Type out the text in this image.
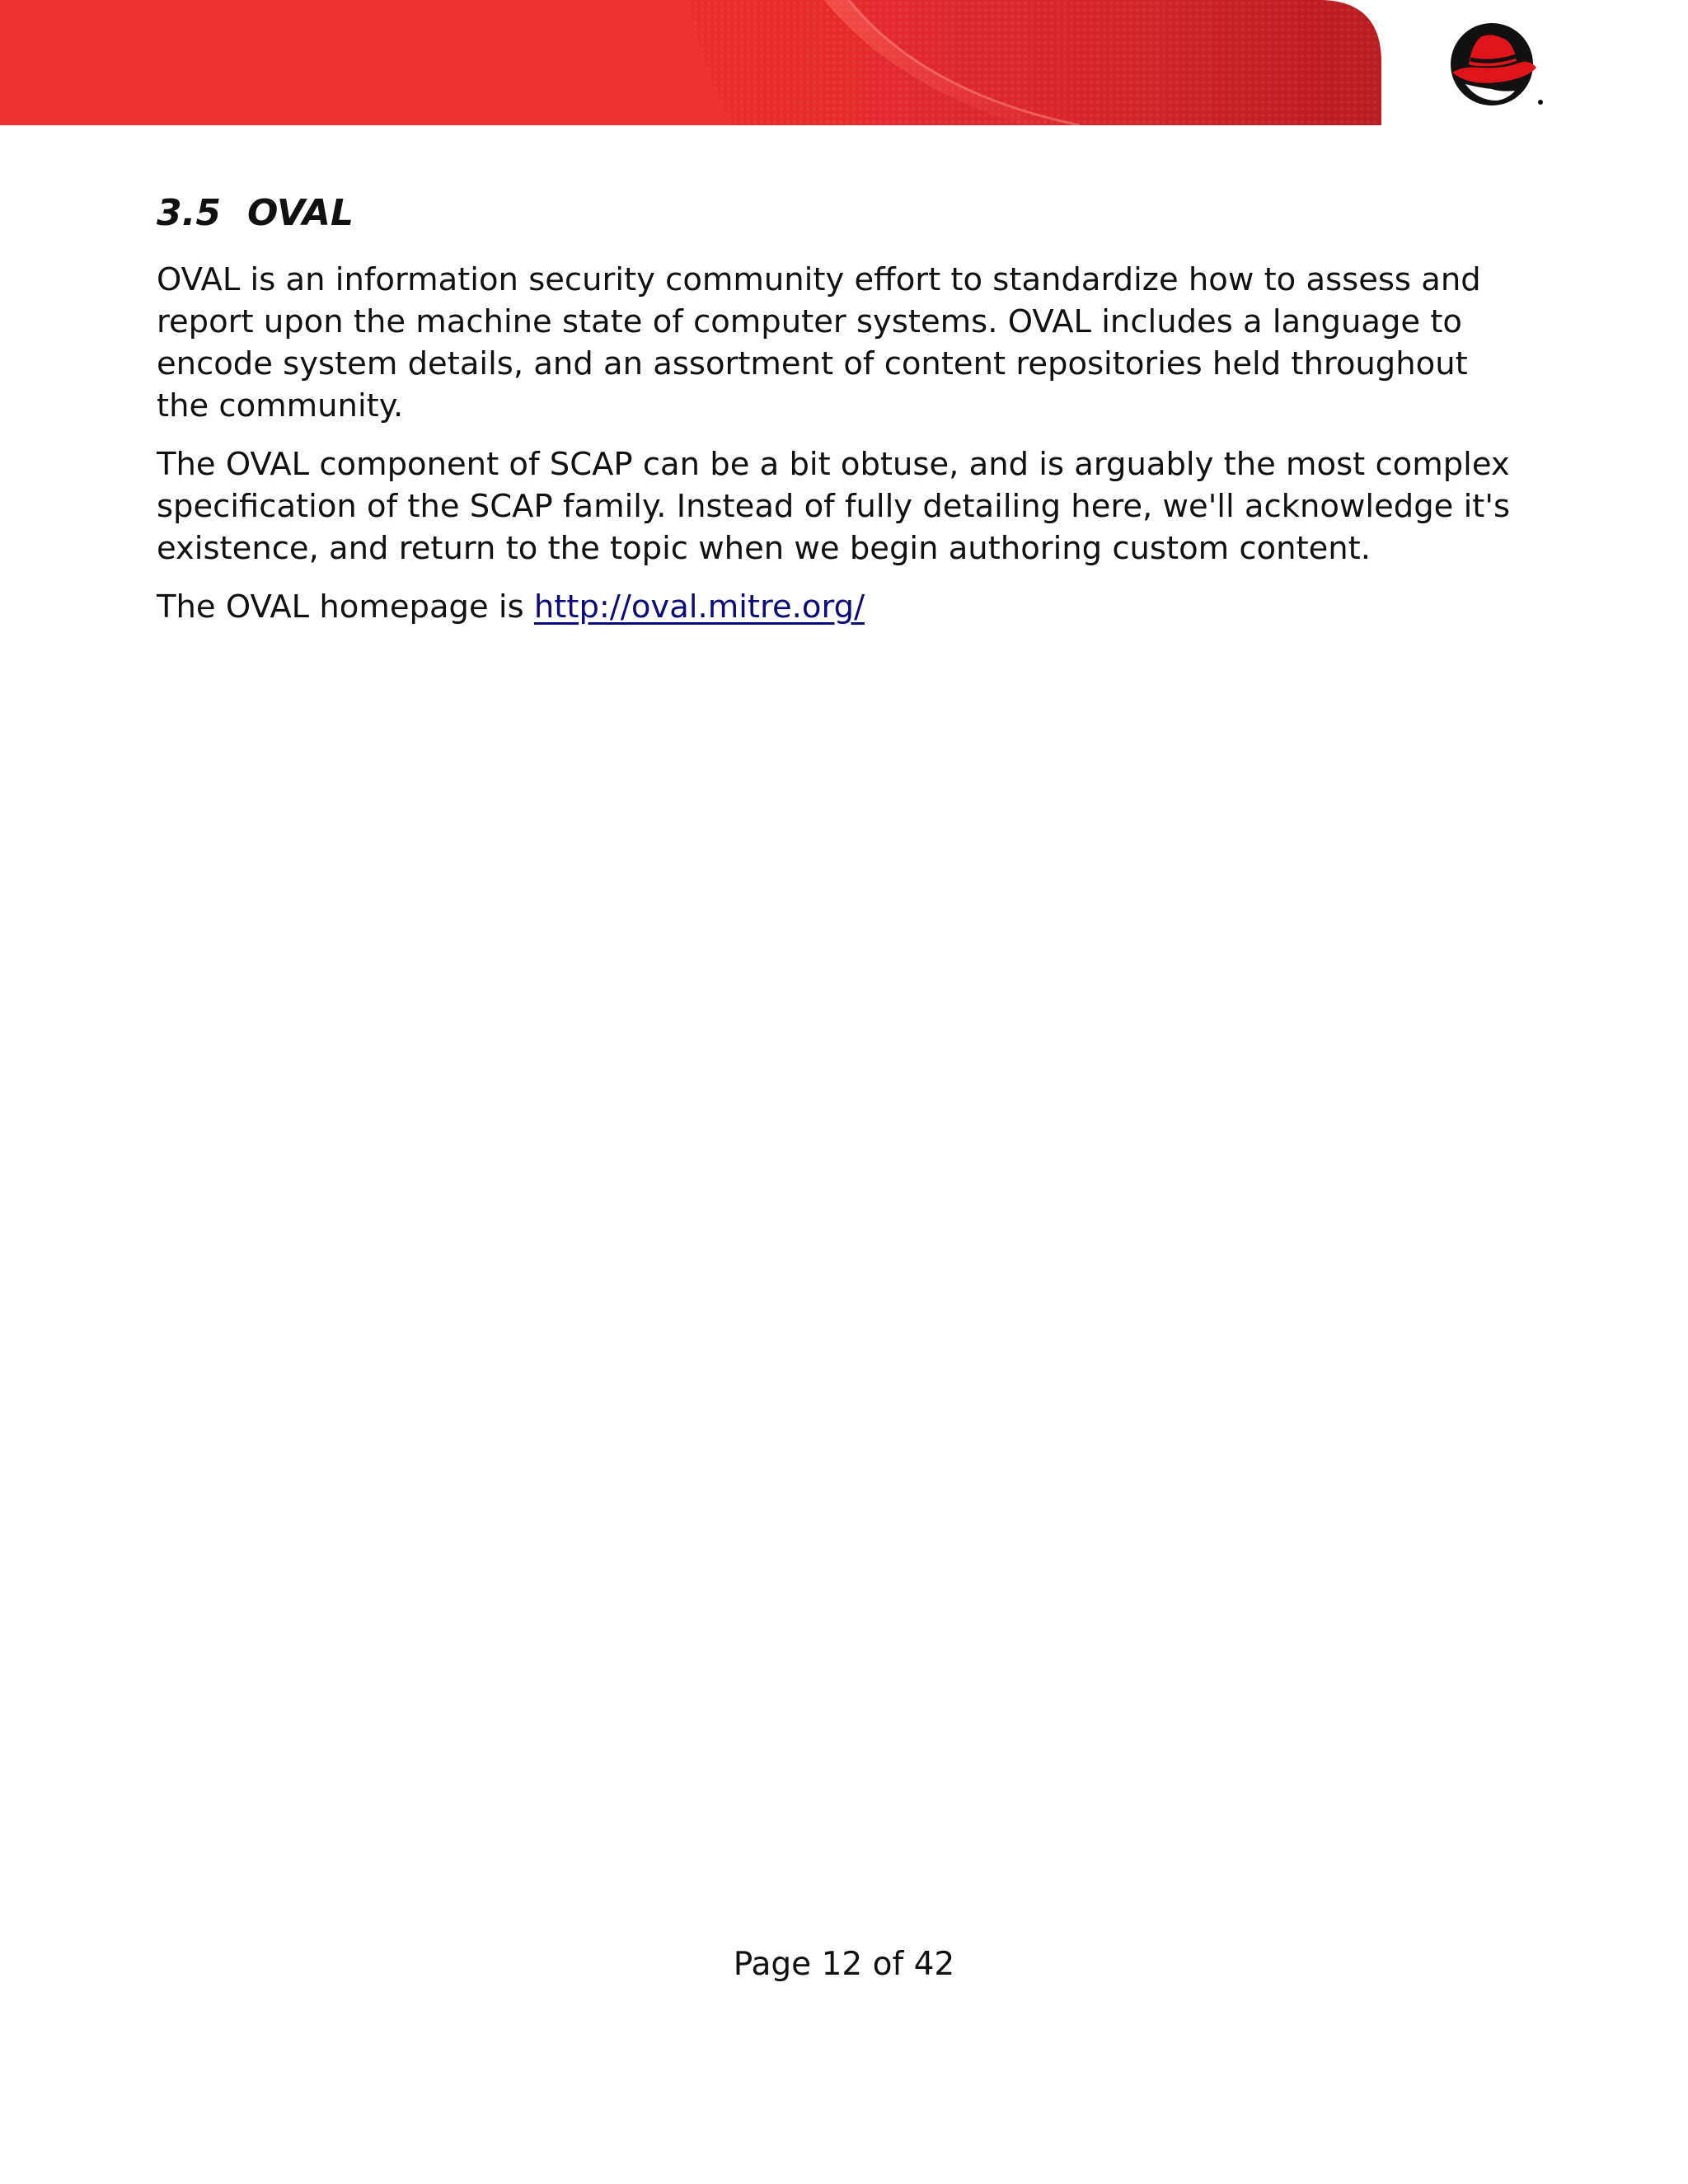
3.5 OVAL

OVAL is an information security community effort to standardize how to assess and report upon the machine state of computer systems. OVAL includes a language to encode system details, and an assortment of content repositories held throughout the community.

The OVAL component of SCAP can be a bit obtuse, and is arguably the most complex specification of the SCAP family. Instead of fully detailing here, we'll acknowledge it's existence, and return to the topic when we begin authoring custom content.

The OVAL homepage is http://oval.mitre.org/

Page 12 of 42
